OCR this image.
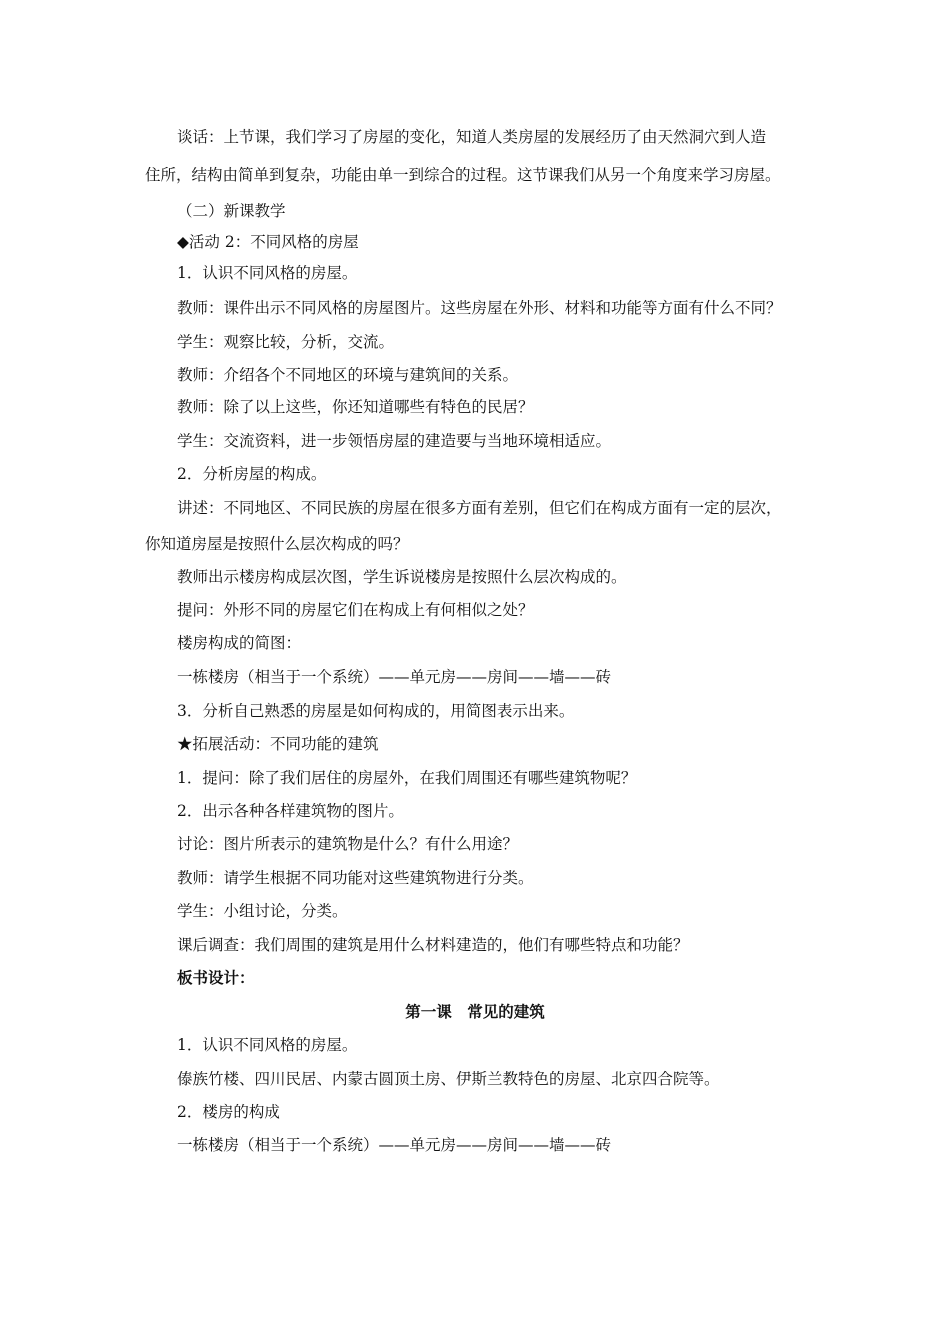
谈话：上节课，我们学习了房屋的变化，知道人类房屋的发展经历了由天然洞穴到人造
住所，结构由简单到复杂，功能由单一到综合的过程。这节课我们从另一个角度来学习房屋。
（二）新课教学
◆活动 2：不同风格的房屋
1．认识不同风格的房屋。
教师：课件出示不同风格的房屋图片。这些房屋在外形、材料和功能等方面有什么不同？
学生：观察比较，分析，交流。
教师：介绍各个不同地区的环境与建筑间的关系。
教师：除了以上这些，你还知道哪些有特色的民居？
学生：交流资料，进一步领悟房屋的建造要与当地环境相适应。
2．分析房屋的构成。
讲述：不同地区、不同民族的房屋在很多方面有差别，但它们在构成方面有一定的层次，
你知道房屋是按照什么层次构成的吗？
教师出示楼房构成层次图，学生诉说楼房是按照什么层次构成的。
提问：外形不同的房屋它们在构成上有何相似之处？
楼房构成的简图：
一栋楼房（相当于一个系统）——单元房——房间——墙——砖
3．分析自己熟悉的房屋是如何构成的，用简图表示出来。
★拓展活动：不同功能的建筑
1．提问：除了我们居住的房屋外，在我们周围还有哪些建筑物呢？
2．出示各种各样建筑物的图片。
讨论：图片所表示的建筑物是什么？有什么用途？
教师：请学生根据不同功能对这些建筑物进行分类。
学生：小组讨论，分类。
课后调查：我们周围的建筑是用什么材料建造的，他们有哪些特点和功能？
板书设计：
第一课　常见的建筑
1．认识不同风格的房屋。
傣族竹楼、四川民居、内蒙古圆顶土房、伊斯兰教特色的房屋、北京四合院等。
2．楼房的构成
一栋楼房（相当于一个系统）——单元房——房间——墙——砖
